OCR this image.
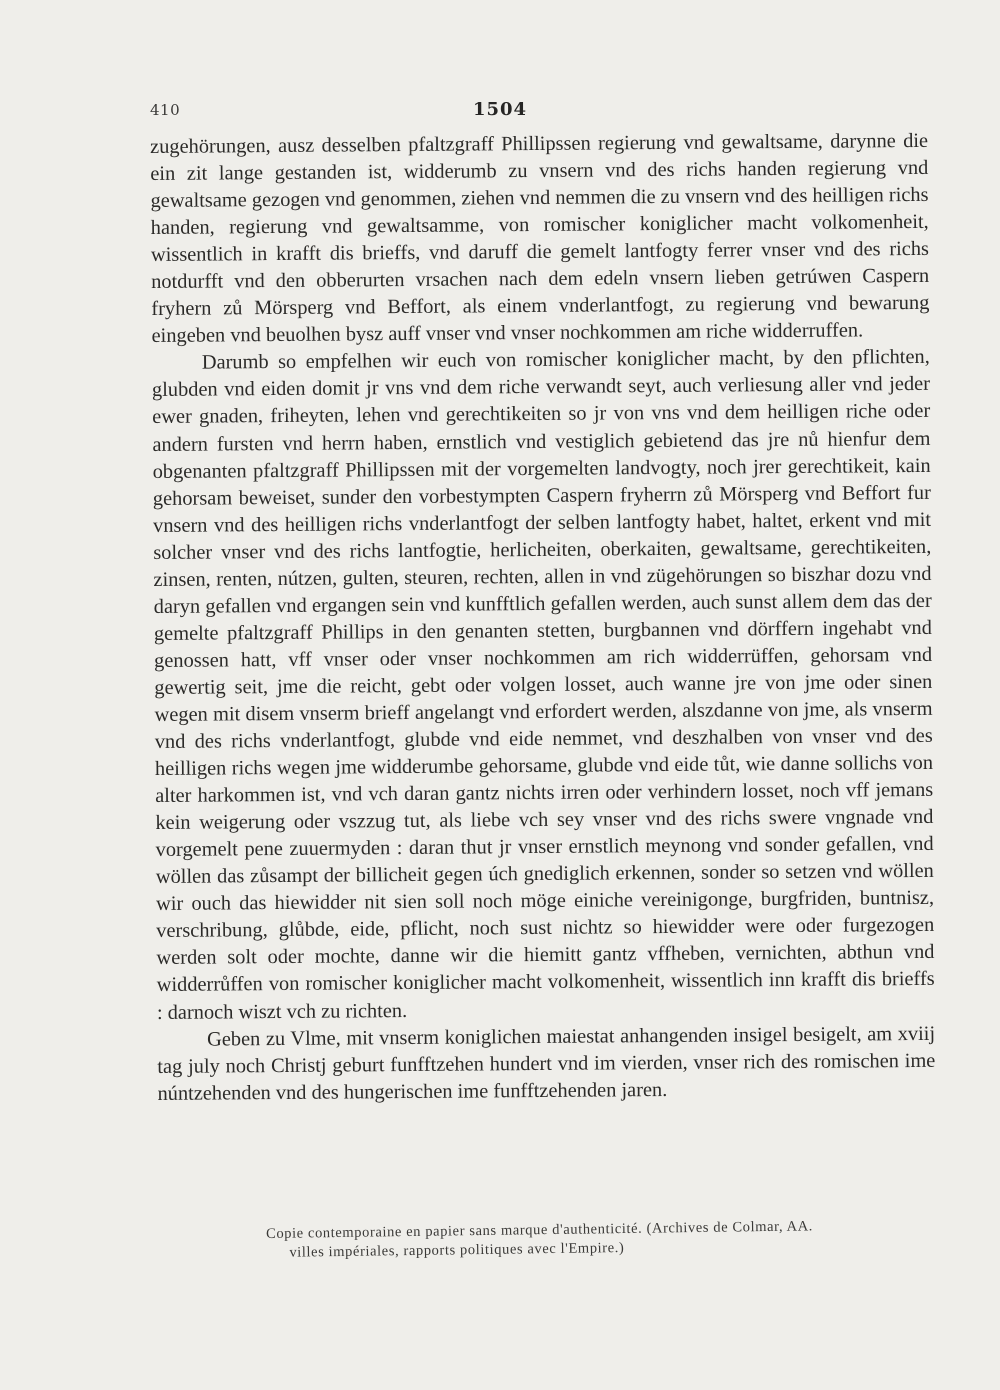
410	1504

zugehörungen, ausz desselben pfaltzgraff Phillipssen regierung vnd gewaltsame, darynne die ein zit lange gestanden ist, widderumb zu vnsern vnd des richs handen regierung vnd gewaltsame gezogen vnd genommen, ziehen vnd nemmen die zu vnsern vnd des heilligen richs handen, regierung vnd gewaltsamme, von romischer koniglicher macht volkomenheit, wissentlich in krafft dis brieffs, vnd daruff die gemelt lantfogty ferrer vnser vnd des richs notdurfft vnd den obberurten vrsachen nach dem edeln vnsern lieben getrúwen Caspern fryhern zů Mörsperg vnd Beffort, als einem vnderlantfogt, zu regierung vnd bewarung eingeben vnd beuolhen bysz auff vnser vnd vnser nochkommen am riche widderruffen.

Darumb so empfelhen wir euch von romischer koniglicher macht, by den pflichten, glubden vnd eiden domit jr vns vnd dem riche verwandt seyt, auch verliesung aller vnd jeder ewer gnaden, friheyten, lehen vnd gerechtikeiten so jr von vns vnd dem heilligen riche oder andern fursten vnd herrn haben, ernstlich vnd vestiglich gebietend das jre nů hienfur dem obgenanten pfaltzgraff Phillipssen mit der vorgemelten landvogty, noch jrer gerechtikeit, kain gehorsam beweiset, sunder den vorbestympten Caspern fryherrn zů Mörsperg vnd Beffort fur vnsern vnd des heilligen richs vnderlantfogt der selben lantfogty habet, haltet, erkent vnd mit solcher vnser vnd des richs lantfogtie, herlicheiten, oberkaiten, gewaltsame, gerechtikeiten, zinsen, renten, nútzen, gulten, steuren, rechten, allen in vnd zügehörungen so biszhar dozu vnd daryn gefallen vnd ergangen sein vnd kunfftlich gefallen werden, auch sunst allem dem das der gemelte pfaltzgraff Phillips in den genanten stetten, burgbannen vnd dörffern ingehabt vnd genossen hatt, vff vnser oder vnser nochkommen am rich widderrüffen, gehorsam vnd gewertig seit, jme die reicht, gebt oder volgen losset, auch wanne jre von jme oder sinen wegen mit disem vnserm brieff angelangt vnd erfordert werden, alszdanne von jme, als vnserm vnd des richs vnderlantfogt, glubde vnd eide nemmet, vnd deszhalben von vnser vnd des heilligen richs wegen jme widderumbe gehorsame, glubde vnd eide tůt, wie danne sollichs von alter harkommen ist, vnd vch daran gantz nichts irren oder verhindern losset, noch vff jemans kein weigerung oder vszzug tut, als liebe vch sey vnser vnd des richs swere vngnade vnd vorgemelt pene zuuermyden : daran thut jr vnser ernstlich meynong vnd sonder gefallen, vnd wöllen das zůsampt der billicheit gegen úch gnediglich erkennen, sonder so setzen vnd wöllen wir ouch das hiewidder nit sien soll noch möge einiche vereinigonge, burgfriden, buntnisz, verschribung, glůbde, eide, pflicht, noch sust nichtz so hiewidder were oder furgezogen werden solt oder mochte, danne wir die hiemitt gantz vffheben, vernichten, abthun vnd widderrůffen von romischer koniglicher macht volkomenheit, wissentlich inn krafft dis brieffs : darnoch wiszt vch zu richten.

Geben zu Vlme, mit vnserm koniglichen maiestat anhangenden insigel besigelt, am xviij tag july noch Christj geburt funfftzehen hundert vnd im vierden, vnser rich des romischen ime núntzehenden vnd des hungerischen ime funfftzehenden jaren.

Copie contemporaine en papier sans marque d'authenticité. (Archives de Colmar, AA.

villes impériales, rapports politiques avec l'Empire.)
